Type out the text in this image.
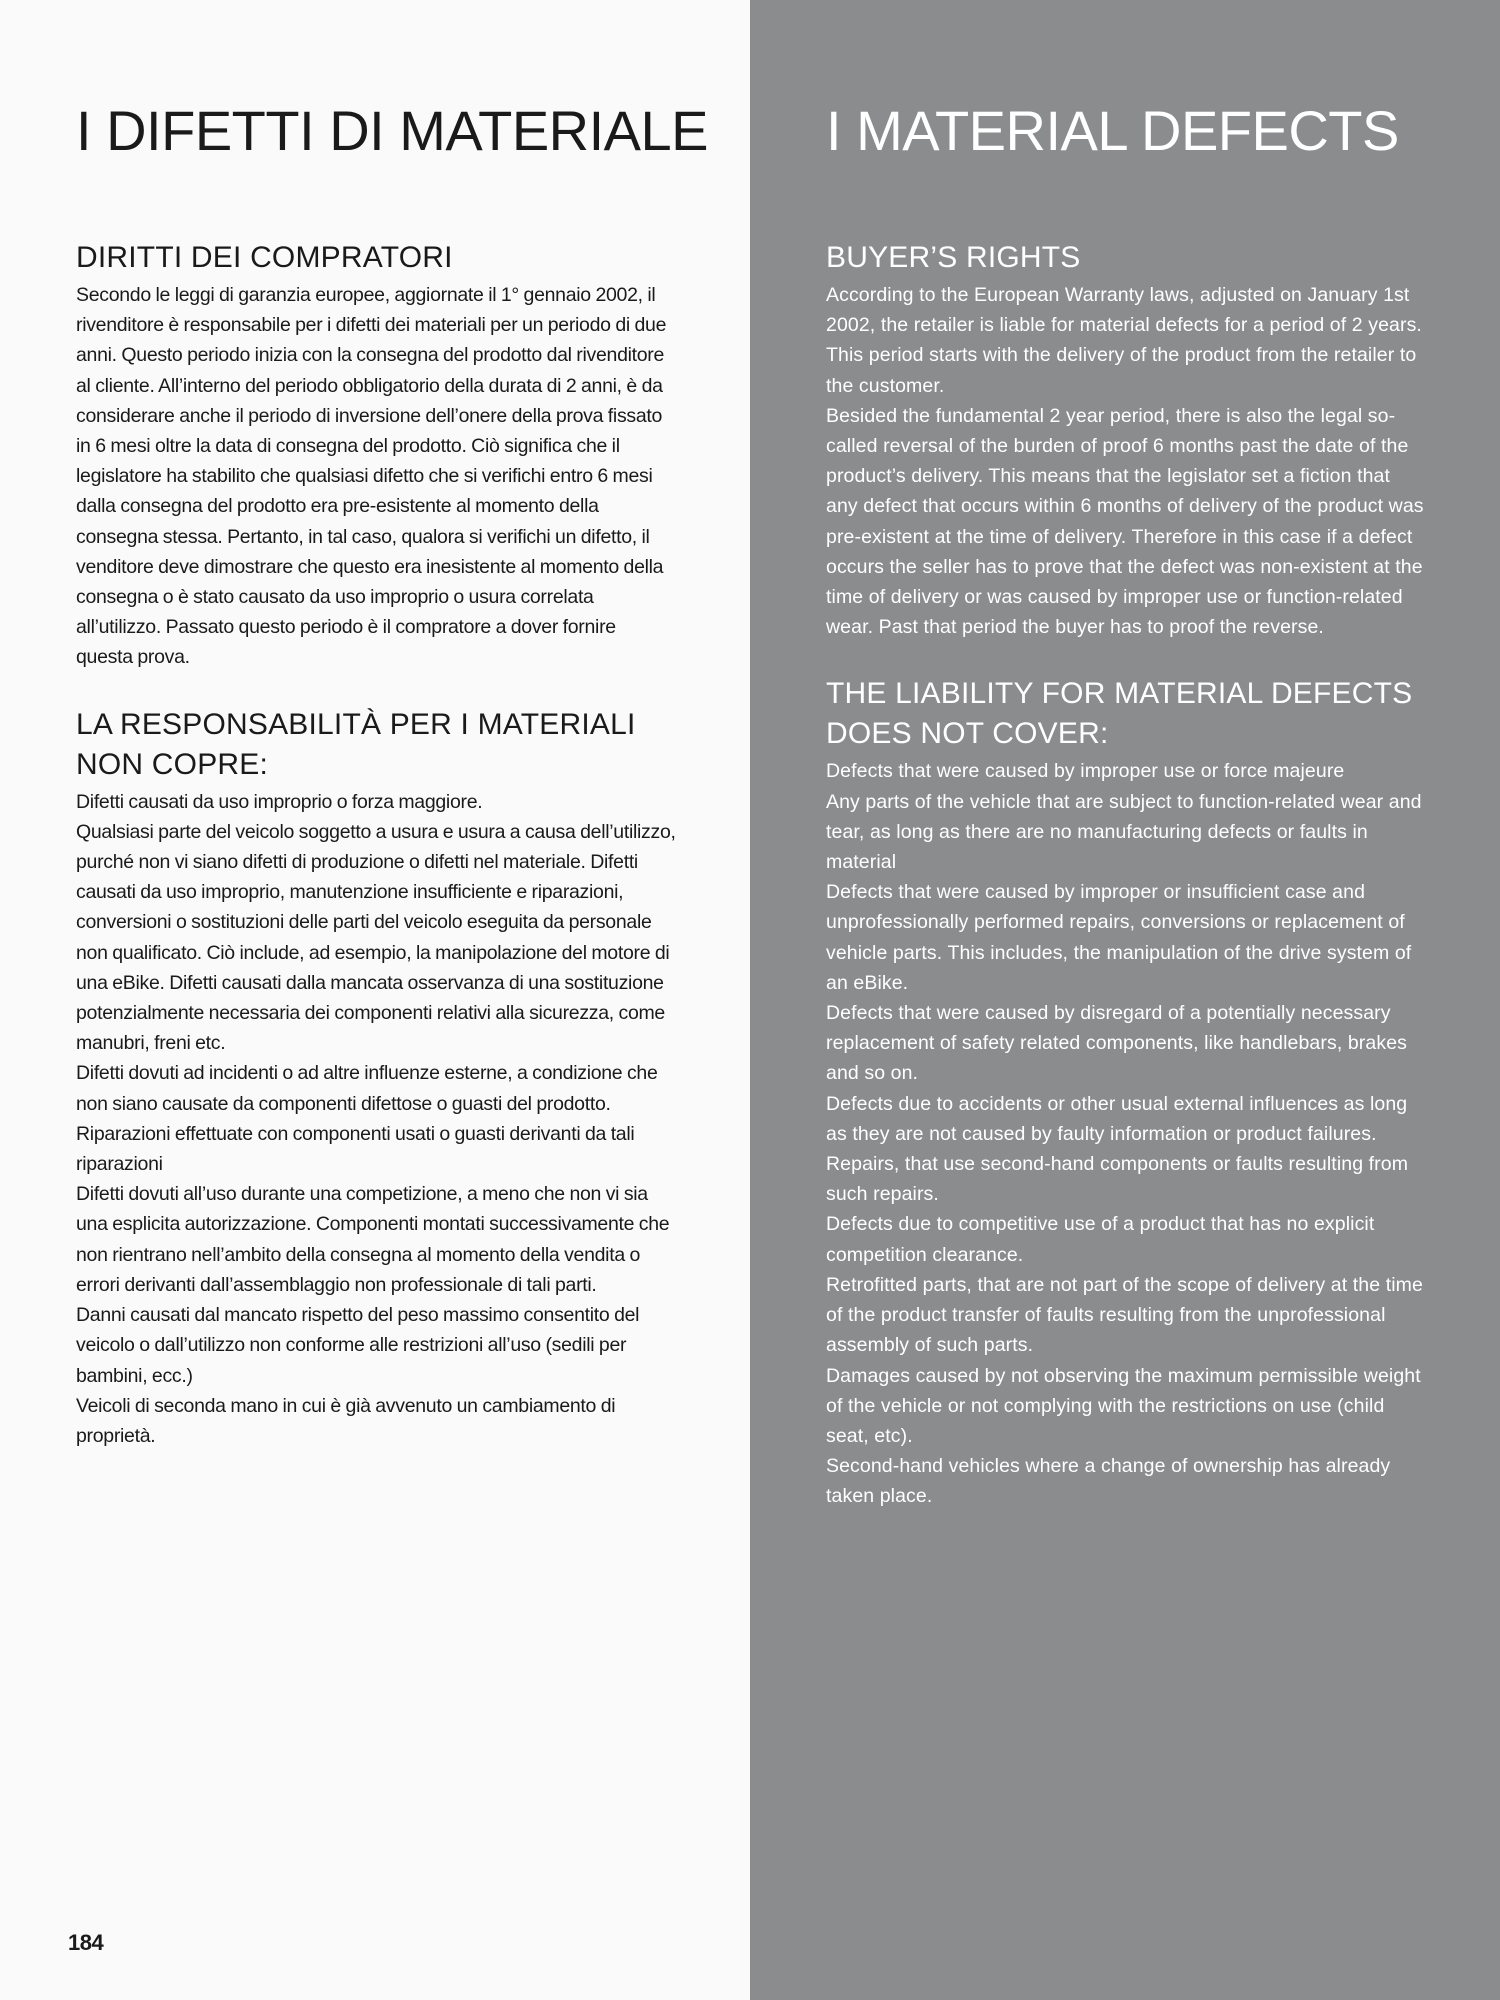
I DIFETTI DI MATERIALE
DIRITTI DEI COMPRATORI

Secondo le leggi di garanzia europee, aggiornate il 1° gennaio 2002, il rivenditore è responsabile per i difetti dei materiali per un periodo di due anni. Questo periodo inizia con la consegna del prodotto dal rivenditore al cliente. All’interno del periodo obbligatorio della durata di 2 anni, è da considerare anche il periodo di inversione dell’onere della prova fissato in 6 mesi oltre la data di consegna del prodotto. Ciò significa che il legislatore ha stabilito che qualsiasi difetto che si verifichi entro 6 mesi dalla consegna del prodotto era pre-esistente al momento della consegna stessa. Pertanto, in tal caso, qualora si verifichi un difetto, il venditore deve dimostrare che questo era inesistente al momento della consegna o è stato causato da uso improprio o usura correlata all’utilizzo. Passato questo periodo è il compratore a dover fornire questa prova.

LA RESPONSABILITÀ PER I MATERIALI NON COPRE:

Difetti causati da uso improprio o forza maggiore.

Qualsiasi parte del veicolo soggetto a usura e usura a causa dell’utilizzo, purché non vi siano difetti di produzione o difetti nel materiale. Difetti causati da uso improprio, manutenzione insufficiente e riparazioni, conversioni o sostituzioni delle parti del veicolo eseguita da personale non qualificato. Ciò include, ad esempio, la manipolazione del motore di una eBike. Difetti causati dalla mancata osservanza di una sostituzione potenzialmente necessaria dei componenti relativi alla sicurezza, come manubri, freni etc.

Difetti dovuti ad incidenti o ad altre influenze esterne, a condizione che non siano causate da componenti difettose o guasti del prodotto.

Riparazioni effettuate con componenti usati o guasti derivanti da tali riparazioni

Difetti dovuti all’uso durante una competizione, a meno che non vi sia una esplicita autorizzazione. Componenti montati successivamente che non rientrano nell’ambito della consegna al momento della vendita o errori derivanti dall’assemblaggio non professionale di tali parti.

Danni causati dal mancato rispetto del peso massimo consentito del veicolo o dall’utilizzo non conforme alle restrizioni all’uso (sedili per bambini, ecc.)

Veicoli di seconda mano in cui è già avvenuto un cambiamento di proprietà.

184

I MATERIAL DEFECTS
BUYER’S RIGHTS

According to the European Warranty laws, adjusted on January 1st 2002, the retailer is liable for material defects for a period of 2 years. This period starts with the delivery of the product from the retailer to the customer.

Besided the fundamental 2 year period, there is also the legal so-called reversal of the burden of proof 6 months past the date of the product’s delivery. This means that the legislator set a fiction that any defect that occurs within 6 months of delivery of the product was pre-existent at the time of delivery. Therefore in this case if a defect occurs the seller has to prove that the defect was non-existent at the time of delivery or was caused by improper use or function-related wear. Past that period the buyer has to proof the reverse.

THE LIABILITY FOR MATERIAL DEFECTS DOES NOT COVER:

Defects that were caused by improper use or force majeure

Any parts of the vehicle that are subject to function-related wear and tear, as long as there are no manufacturing defects or faults in material

Defects that were caused by improper or insufficient case and unprofessionally performed repairs, conversions or replacement of vehicle parts. This includes, the manipulation of the drive system of an eBike.

Defects that were caused by disregard of a potentially necessary replacement of safety related components, like handlebars, brakes and so on.

Defects due to accidents or other usual external influences as long as they are not caused by faulty information or product failures. Repairs, that use second-hand components or faults resulting from such repairs.

Defects due to competitive use of a product that has no explicit competition clearance.

Retrofitted parts, that are not part of the scope of delivery at the time of the product transfer of faults resulting from the unprofessional assembly of such parts.

Damages caused by not observing the maximum permissible weight of the vehicle or not complying with the restrictions on use (child seat, etc).

Second-hand vehicles where a change of ownership has already taken place.
